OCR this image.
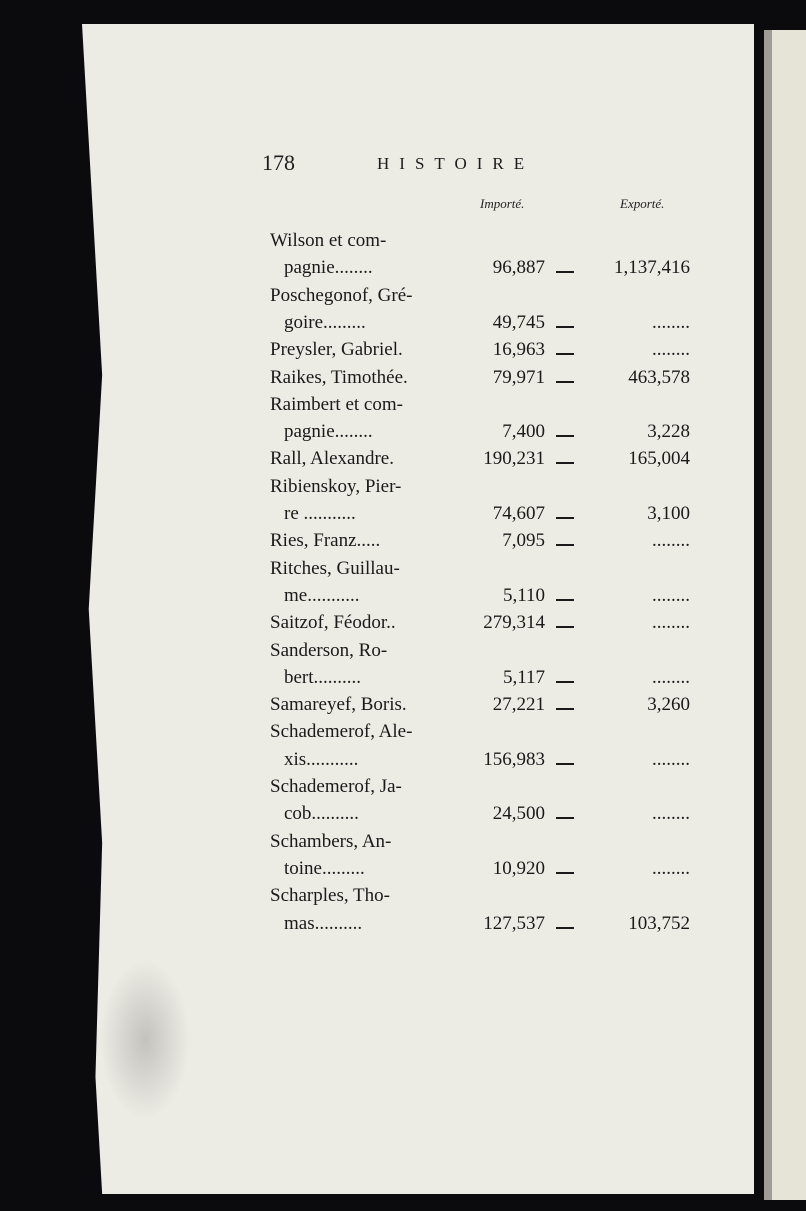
178	HISTOIRE
Importé.	Exporté.
Wilson et com-
pagnie........	96,887	1,137,416
Poschegonof, Gré-
goire.........	49,745	........
Preysler, Gabriel.	16,963	........
Raikes, Timothée.	79,971	463,578
Raimbert et com-
pagnie........	7,400	3,228
Rall, Alexandre.	190,231	165,004
Ribienskoy, Pier-
re ...........	74,607	3,100
Ries, Franz.....	7,095	........
Ritches, Guillau-
me...........	5,110	........
Saitzof, Féodor..	279,314	........
Sanderson, Ro-
bert..........	5,117	........
Samareyef, Boris.	27,221	3,260
Schademerof, Ale-
xis...........	156,983	........
Schademerof, Ja-
cob..........	24,500	........
Schambers, An-
toine.........	10,920	........
Scharples, Tho-
mas..........	127,537	103,752
